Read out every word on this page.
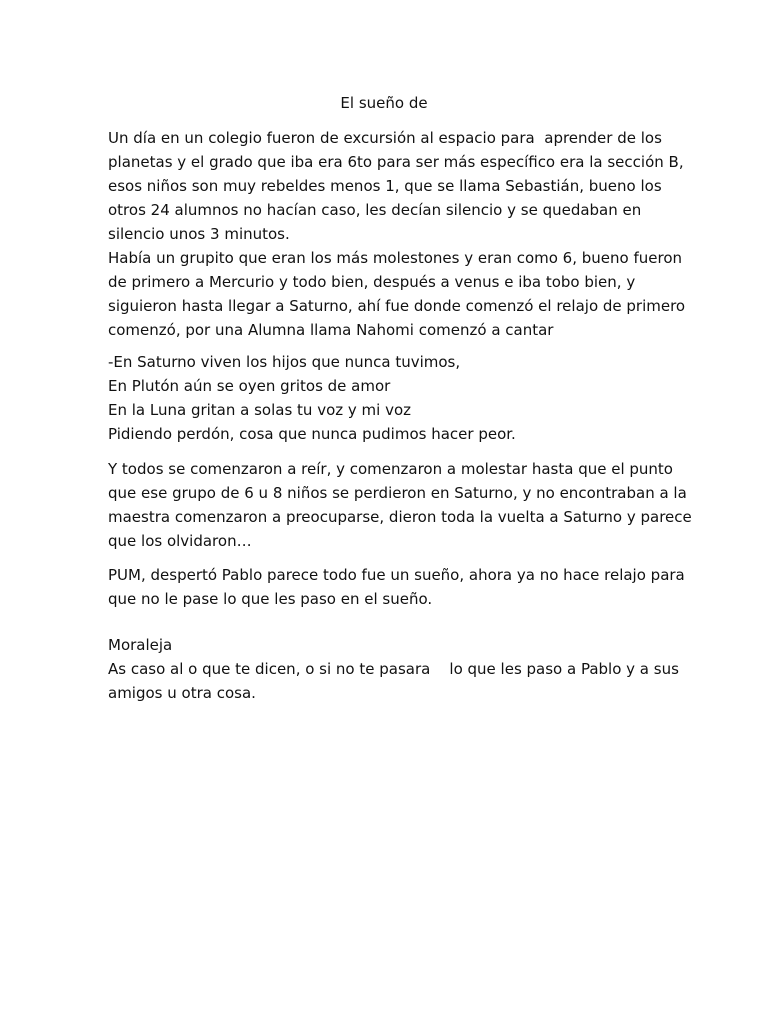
El sueño de
Un día en un colegio fueron de excursión al espacio para  aprender de los
planetas y el grado que iba era 6to para ser más específico era la sección B,
esos niños son muy rebeldes menos 1, que se llama Sebastián, bueno los
otros 24 alumnos no hacían caso, les decían silencio y se quedaban en
silencio unos 3 minutos.
Había un grupito que eran los más molestones y eran como 6, bueno fueron
de primero a Mercurio y todo bien, después a venus e iba tobo bien, y
siguieron hasta llegar a Saturno, ahí fue donde comenzó el relajo de primero
comenzó, por una Alumna llama Nahomi comenzó a cantar
-En Saturno viven los hijos que nunca tuvimos,
En Plutón aún se oyen gritos de amor
En la Luna gritan a solas tu voz y mi voz
Pidiendo perdón, cosa que nunca pudimos hacer peor.
Y todos se comenzaron a reír, y comenzaron a molestar hasta que el punto
que ese grupo de 6 u 8 niños se perdieron en Saturno, y no encontraban a la
maestra comenzaron a preocuparse, dieron toda la vuelta a Saturno y parece
que los olvidaron…
PUM, despertó Pablo parece todo fue un sueño, ahora ya no hace relajo para
que no le pase lo que les paso en el sueño.
Moraleja
As caso al o que te dicen, o si no te pasara    lo que les paso a Pablo y a sus
amigos u otra cosa.
